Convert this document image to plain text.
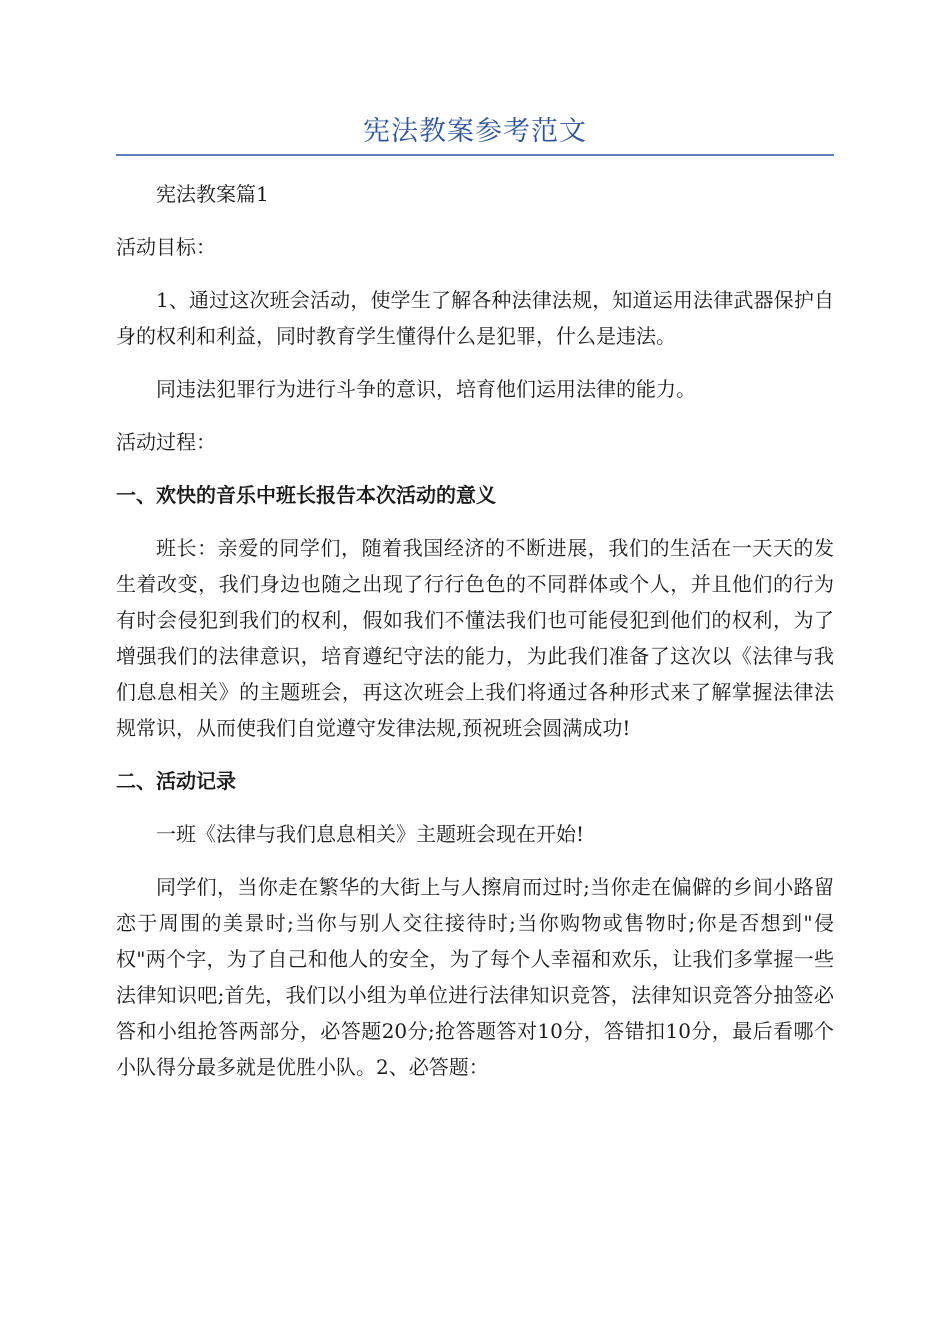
宪法教案参考范文

宪法教案篇1

活动目标：

1、通过这次班会活动，使学生了解各种法律法规，知道运用法律武器保护自身的权利和利益，同时教育学生懂得什么是犯罪，什么是违法。

同违法犯罪行为进行斗争的意识，培育他们运用法律的能力。

活动过程：

一、欢快的音乐中班长报告本次活动的意义

班长：亲爱的同学们，随着我国经济的不断进展，我们的生活在一天天的发生着改变，我们身边也随之出现了行行色色的不同群体或个人，并且他们的行为有时会侵犯到我们的权利，假如我们不懂法我们也可能侵犯到他们的权利，为了增强我们的法律意识，培育遵纪守法的能力，为此我们准备了这次以《法律与我们息息相关》的主题班会，再这次班会上我们将通过各种形式来了解掌握法律法规常识，从而使我们自觉遵守发律法规,预祝班会圆满成功!

二、活动记录

一班《法律与我们息息相关》主题班会现在开始!

同学们，当你走在繁华的大街上与人擦肩而过时;当你走在偏僻的乡间小路留恋于周围的美景时;当你与别人交往接待时;当你购物或售物时;你是否想到"侵权"两个字，为了自己和他人的安全，为了每个人幸福和欢乐，让我们多掌握一些法律知识吧;首先，我们以小组为单位进行法律知识竞答，法律知识竞答分抽签必答和小组抢答两部分，必答题20分;抢答题答对10分，答错扣10分，最后看哪个小队得分最多就是优胜小队。2、必答题：
